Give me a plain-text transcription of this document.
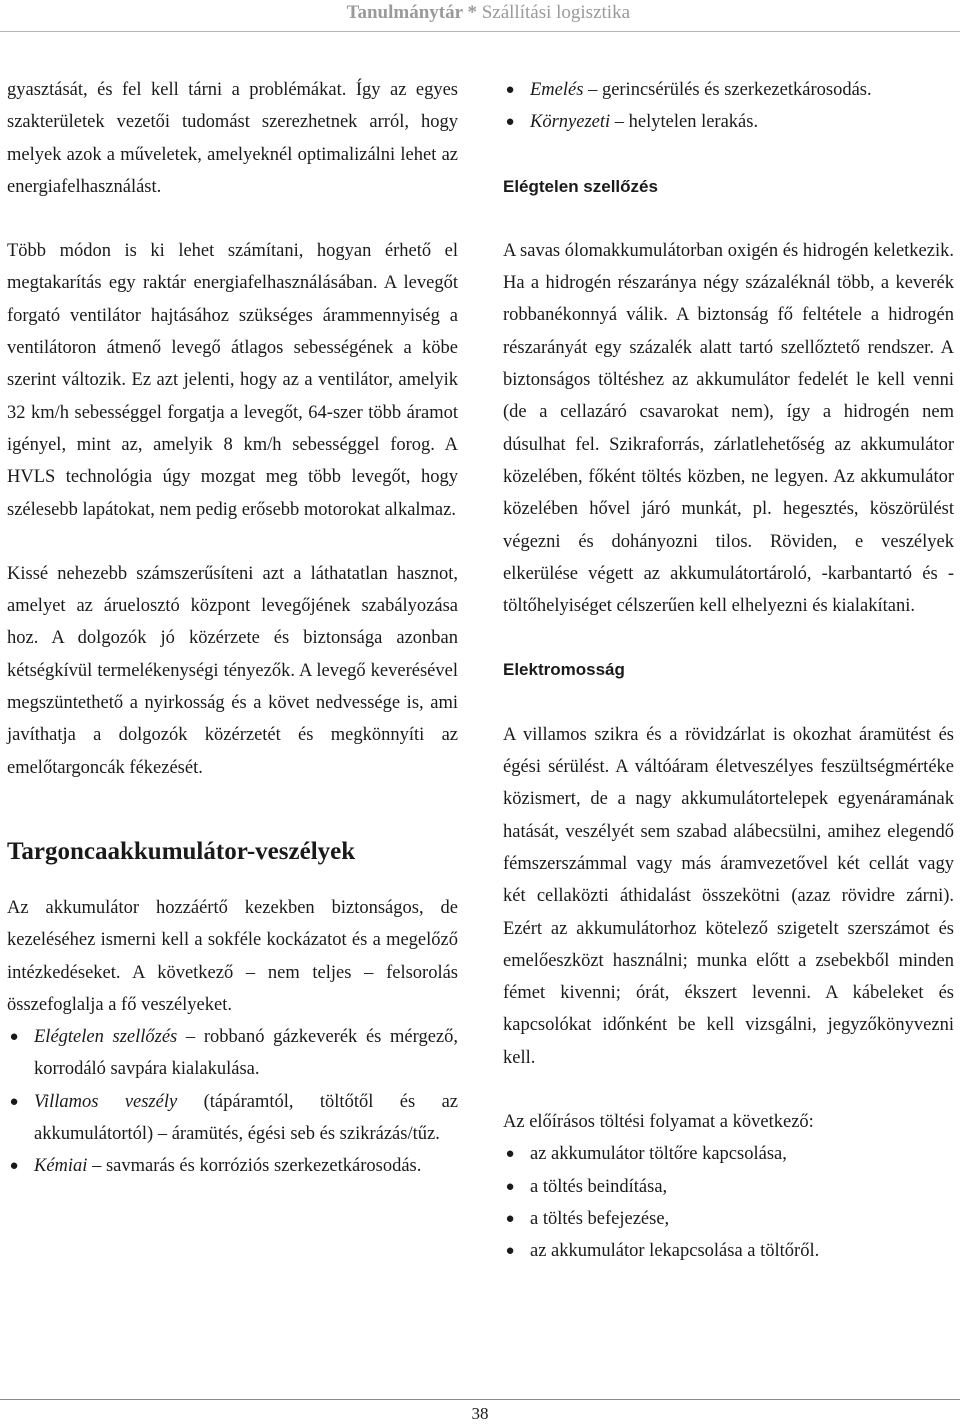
Tanulmánytár * Szállítási logisztika

gyasztását, és fel kell tárni a problémákat. Így az egyes szakterületek vezetői tudomást szerezhetnek arról, hogy melyek azok a műveletek, amelyeknél optimalizálni lehet az energiafelhasználást.

Több módon is ki lehet számítani, hogyan érhető el megtakarítás egy raktár energiafelhasználásában. A levegőt forgató ventilátor hajtásához szükséges árammennyiség a ventilátoron átmenő levegő átlagos sebességének a köbe szerint változik. Ez azt jelenti, hogy az a ventilátor, amelyik 32 km/h sebességgel forgatja a levegőt, 64-szer több áramot igényel, mint az, amelyik 8 km/h sebességgel forog. A HVLS technológia úgy mozgat meg több levegőt, hogy szélesebb lapátokat, nem pedig erősebb motorokat alkalmaz.

Kissé nehezebb számszerűsíteni azt a láthatatlan hasznot, amelyet az áruelosztó központ levegőjének szabályozása hoz. A dolgozók jó közérzete és biztonsága azonban kétségkívül termelékenységi tényezők. A levegő keverésével megszüntethető a nyirkosság és a követ nedvessége is, ami javíthatja a dolgozók közérzetét és megkönnyíti az emelőtargoncák fékezését.

Targoncaakkumulátor-veszélyek

Az akkumulátor hozzáértő kezekben biztonságos, de kezeléséhez ismerni kell a sokféle kockázatot és a megelőző intézkedéseket. A következő – nem teljes – felsorolás összefoglalja a fő veszélyeket.

● Elégtelen szellőzés – robbanó gázkeverék és mérgező, korrodáló savpára kialakulása.
● Villamos veszély (tápáramtól, töltőtől és az akkumulátortól) – áramütés, égési seb és szikrázás/tűz.
● Kémiai – savmarás és korróziós szerkezetkárosodás.
● Emelés – gerincsérülés és szerkezetkárosodás.
● Környezeti – helytelen lerakás.

Elégtelen szellőzés

A savas ólomakkumulátorban oxigén és hidrogén keletkezik. Ha a hidrogén részaránya négy százaléknál több, a keverék robbanékonnyá válik. A biztonság fő feltétele a hidrogén részarányát egy százalék alatt tartó szellőztető rendszer. A biztonságos töltéshez az akkumulátor fedelét le kell venni (de a cellazáró csavarokat nem), így a hidrogén nem dúsulhat fel. Szikraforrás, zárlatlehetőség az akkumulátor közelében, főként töltés közben, ne legyen. Az akkumulátor közelében hővel járó munkát, pl. hegesztés, köszörülést végezni és dohányozni tilos. Röviden, e veszélyek elkerülése végett az akkumulátortároló, -karbantartó és -töltőhelyiséget célszerűen kell elhelyezni és kialakítani.

Elektromosság

A villamos szikra és a rövidzárlat is okozhat áramütést és égési sérülést. A váltóáram életveszélyes feszültségmértéke közismert, de a nagy akkumulátortelepek egyenáramának hatását, veszélyét sem szabad alábecsülni, amihez elegendő fémszerszámmal vagy más áramvezetővel két cellát vagy két cellaközti áthidalást összekötni (azaz rövidre zárni). Ezért az akkumulátorhoz kötelező szigetelt szerszámot és emelőeszközt használni; munka előtt a zsebekből minden fémet kivenni; órát, ékszert levenni. A kábeleket és kapcsolókat időnként be kell vizsgálni, jegyzőkönyvezni kell.

Az előírásos töltési folyamat a következő:

● az akkumulátor töltőre kapcsolása,
● a töltés beindítása,
● a töltés befejezése,
● az akkumulátor lekapcsolása a töltőről.
38
